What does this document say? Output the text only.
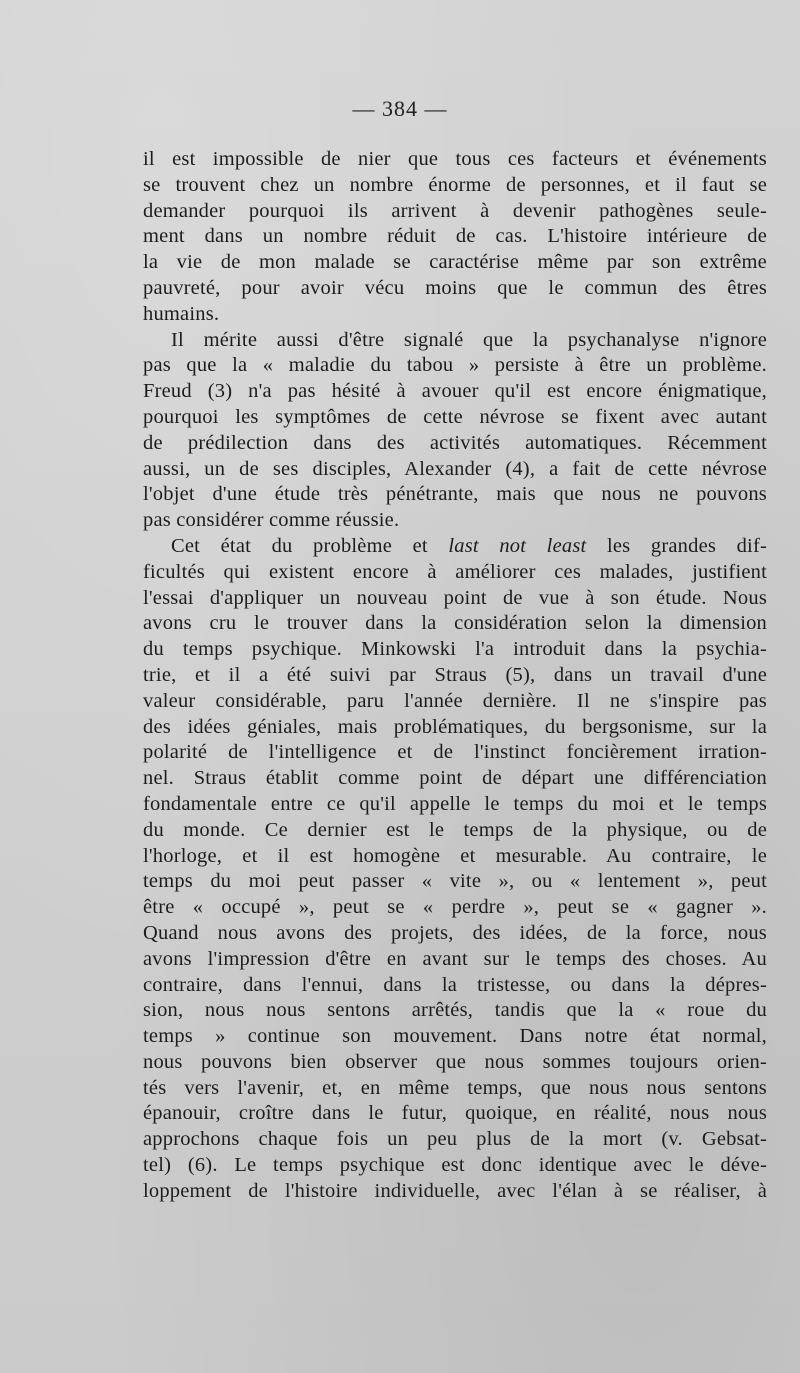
— 384 —
il est impossible de nier que tous ces facteurs et événements
se trouvent chez un nombre énorme de personnes, et il faut se
demander pourquoi ils arrivent à devenir pathogènes seule-
ment dans un nombre réduit de cas. L'histoire intérieure de
la vie de mon malade se caractérise même par son extrême
pauvreté, pour avoir vécu moins que le commun des êtres
humains.
Il mérite aussi d'être signalé que la psychanalyse n'ignore
pas que la « maladie du tabou » persiste à être un problème.
Freud (3) n'a pas hésité à avouer qu'il est encore énigmatique,
pourquoi les symptômes de cette névrose se fixent avec autant
de prédilection dans des activités automatiques. Récemment
aussi, un de ses disciples, Alexander (4), a fait de cette névrose
l'objet d'une étude très pénétrante, mais que nous ne pouvons
pas considérer comme réussie.
Cet état du problème et last not least les grandes dif-
ficultés qui existent encore à améliorer ces malades, justifient
l'essai d'appliquer un nouveau point de vue à son étude. Nous
avons cru le trouver dans la considération selon la dimension
du temps psychique. Minkowski l'a introduit dans la psychia-
trie, et il a été suivi par Straus (5), dans un travail d'une
valeur considérable, paru l'année dernière. Il ne s'inspire pas
des idées géniales, mais problématiques, du bergsonisme, sur la
polarité de l'intelligence et de l'instinct foncièrement irration-
nel. Straus établit comme point de départ une différenciation
fondamentale entre ce qu'il appelle le temps du moi et le temps
du monde. Ce dernier est le temps de la physique, ou de
l'horloge, et il est homogène et mesurable. Au contraire, le
temps du moi peut passer « vite », ou « lentement », peut
être « occupé », peut se « perdre », peut se « gagner ».
Quand nous avons des projets, des idées, de la force, nous
avons l'impression d'être en avant sur le temps des choses. Au
contraire, dans l'ennui, dans la tristesse, ou dans la dépres-
sion, nous nous sentons arrêtés, tandis que la « roue du
temps » continue son mouvement. Dans notre état normal,
nous pouvons bien observer que nous sommes toujours orien-
tés vers l'avenir, et, en même temps, que nous nous sentons
épanouir, croître dans le futur, quoique, en réalité, nous nous
approchons chaque fois un peu plus de la mort (v. Gebsat-
tel) (6). Le temps psychique est donc identique avec le déve-
loppement de l'histoire individuelle, avec l'élan à se réaliser, à
